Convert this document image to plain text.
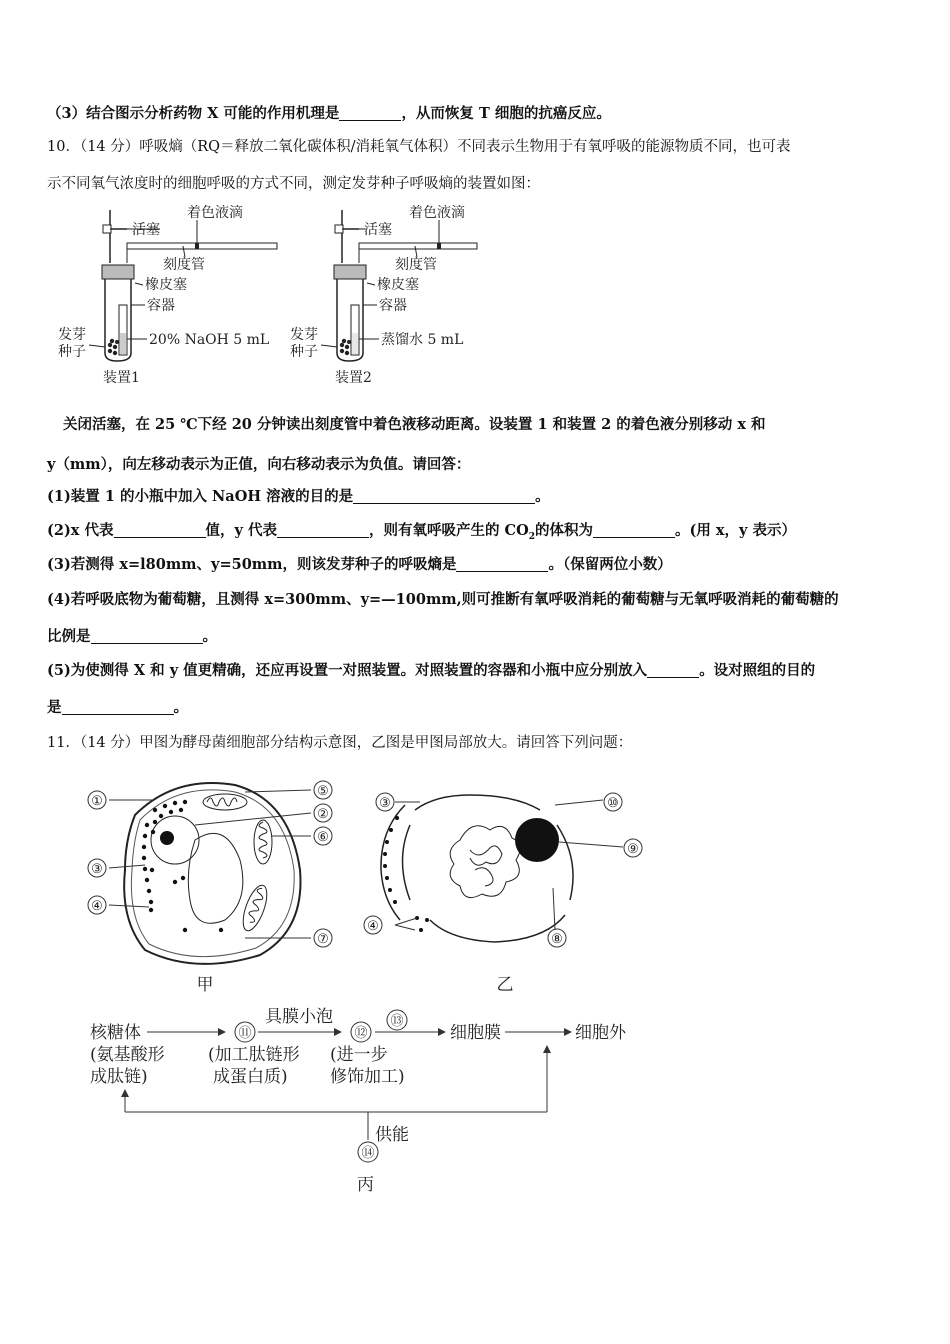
（3）结合图示分析药物 X 可能的作用机理是	，从而恢复 T 细胞的抗癌反应。
10．（14 分）呼吸熵（RQ＝释放二氧化碳体积/消耗氧气体积）不同表示生物用于有氧呼吸的能源物质不同，也可表
示不同氧气浓度时的细胞呼吸的方式不同，测定发芽种子呼吸熵的装置如图：
活塞
着色液滴
刻度管
橡皮塞
容器
20% NaOH 5 mL
发芽
种子
装置1
活塞
着色液滴
刻度管
橡皮塞
容器
蒸馏水 5 mL
发芽
种子
装置2
关闭活塞，在 25 ℃下经 20 分钟读出刻度管中着色液移动距离。设装置 1 和装置 2 的着色液分别移动 x 和
y（mm），向左移动表示为正值，向右移动表示为负值。请回答：
(1)装置 1 的小瓶中加入 NaOH 溶液的目的是	。
(2)x 代表	值，y 代表	，则有氧呼吸产生的 $CO_2$的体积为	。(用 x，y 表示）
(3)若测得 x=l80mm、y=50mm，则该发芽种子的呼吸熵是	。（保留两位小数）
(4)若呼吸底物为葡萄糖，且测得 x=300mm、y=—100mm,则可推断有氧呼吸消耗的葡萄糖与无氧呼吸消耗的葡萄糖的
比例是	。
(5)为使测得 X 和 y 值更精确，还应再设置一对照装置。对照装置的容器和小瓶中应分别放入	。设对照组的目的
是	。
11．（14 分）甲图为酵母菌细胞部分结构示意图，乙图是甲图局部放大。请回答下列问题：
①
⑤
②
⑥
③
④
⑦
甲
③	⑩
⑨
⑧
④
乙
核糖体
(氨基酸形
成肽链)
⑪
(加工肽链形
成蛋白质)
具膜小泡
⑫
(进一步
修饰加工)
⑬
细胞膜	细胞外
供能
⑭
丙
